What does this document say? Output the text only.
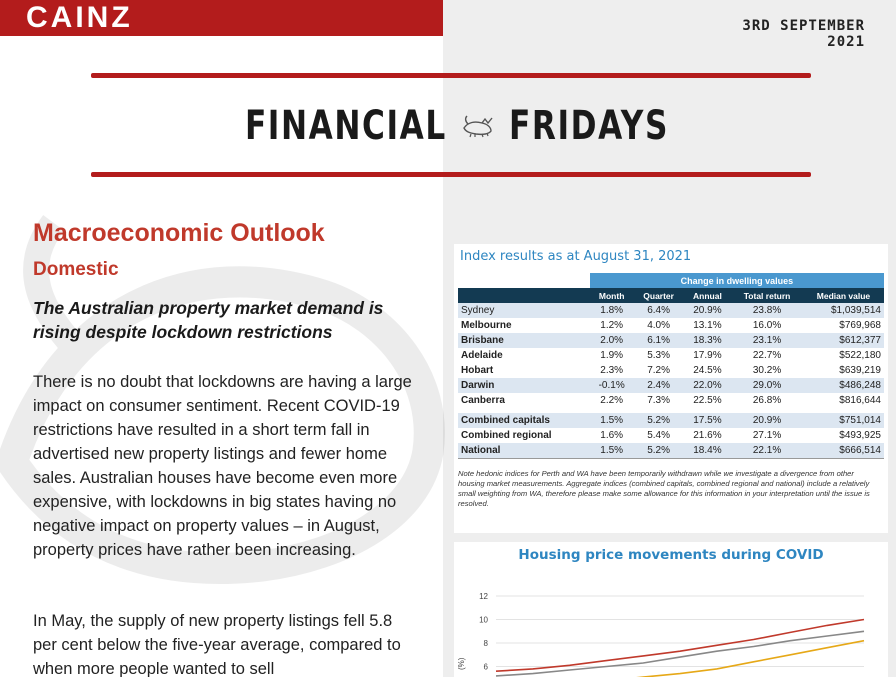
CAINZ	3RD SEPTEMBER 2021
FINANCIAL FRIDAYS
Macroeconomic Outlook
Domestic

The Australian property market demand is rising despite lockdown restrictions

There is no doubt that lockdowns are having a large impact on consumer sentiment. Recent COVID-19 restrictions have resulted in a short term fall in advertised new property listings and fewer home sales. Australian houses have become even more expensive, with lockdowns in big states having no negative impact on property values – in August, property prices have rather been increasing.

In May, the supply of new property listings fell 5.8 per cent below the five-year average, compared to when more people wanted to sell

Index results as at August 31, 2021
	Change in dwelling values				
	Month	Quarter	Annual	Total return	Median value
Sydney	1.8%	6.4%	20.9%	23.8%	$1,039,514
Melbourne	1.2%	4.0%	13.1%	16.0%	$769,968
Brisbane	2.0%	6.1%	18.3%	23.1%	$612,377
Adelaide	1.9%	5.3%	17.9%	22.7%	$522,180
Hobart	2.3%	7.2%	24.5%	30.2%	$639,219
Darwin	-0.1%	2.4%	22.0%	29.0%	$486,248
Canberra	2.2%	7.3%	22.5%	26.8%	$816,644

Combined capitals	1.5%	5.2%	17.5%	20.9%	$751,014
Combined regional	1.6%	5.4%	21.6%	27.1%	$493,925
National	1.5%	5.2%	18.4%	22.1%	$666,514

Note hedonic indices for Perth and WA have been temporarily withdrawn while we investigate a divergence from other housing market measurements. Aggregate indices (combined capitals, combined regional and national) include a relatively small weighting from WA, therefore please make some allowance for this information in your interpretation until the issue is resolved.

Housing price movements during COVID
6
8
10
12
(%)
